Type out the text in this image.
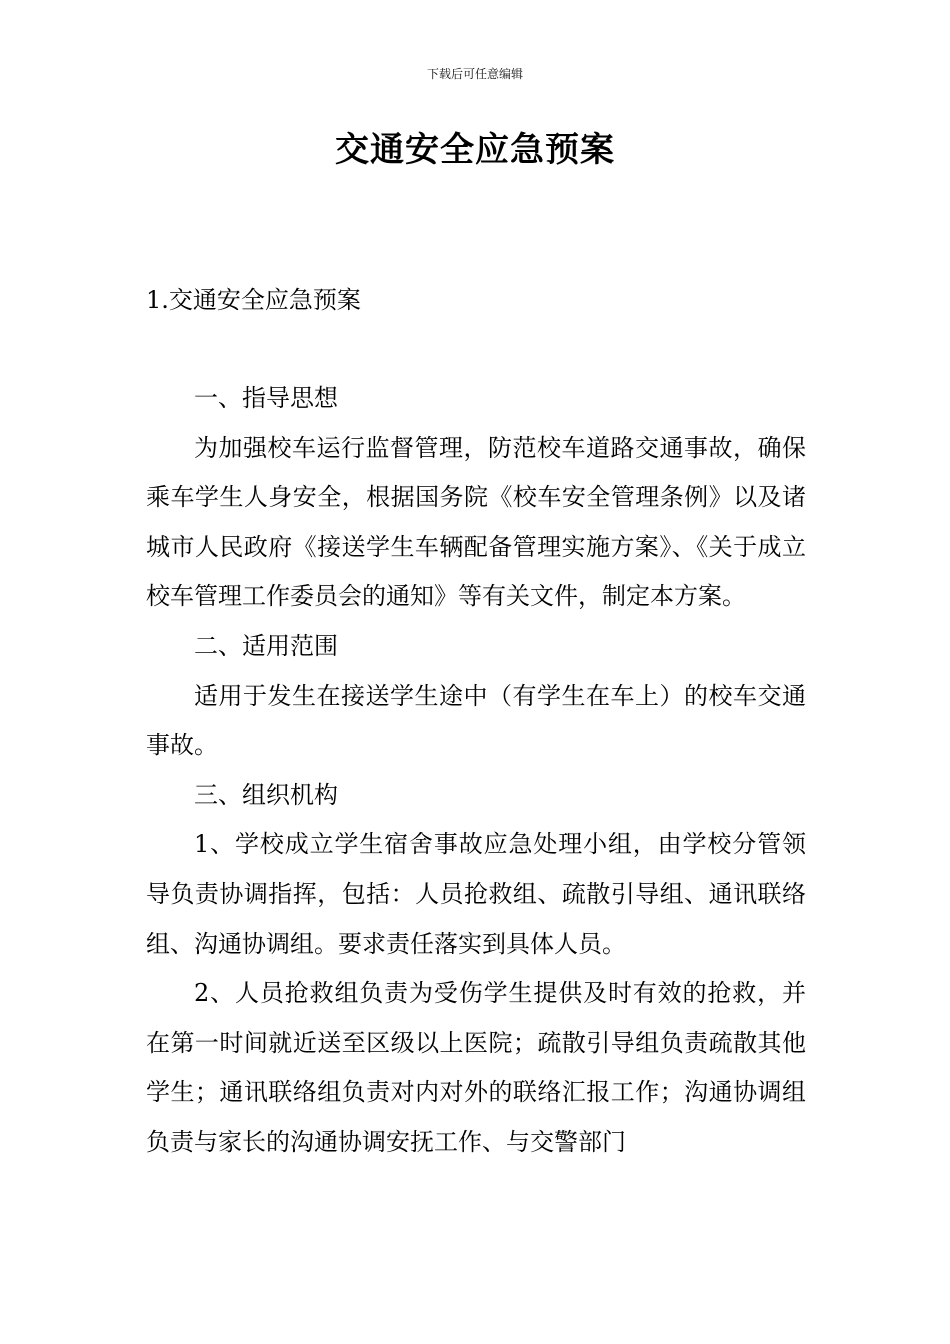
下载后可任意编辑
交通安全应急预案
1.交通安全应急预案

一、指导思想

为加强校车运行监督管理，防范校车道路交通事故，确保乘车学生人身安全，根据国务院《校车安全管理条例》以及诸城市人民政府《接送学生车辆配备管理实施方案》、《关于成立校车管理工作委员会的通知》等有关文件，制定本方案。

二、适用范围

适用于发生在接送学生途中（有学生在车上）的校车交通事故。

三、组织机构

1、学校成立学生宿舍事故应急处理小组，由学校分管领导负责协调指挥，包括：人员抢救组、疏散引导组、通讯联络组、沟通协调组。要求责任落实到具体人员。

2、人员抢救组负责为受伤学生提供及时有效的抢救，并在第一时间就近送至区级以上医院；疏散引导组负责疏散其他学生；通讯联络组负责对内对外的联络汇报工作；沟通协调组负责与家长的沟通协调安抚工作、与交警部门
